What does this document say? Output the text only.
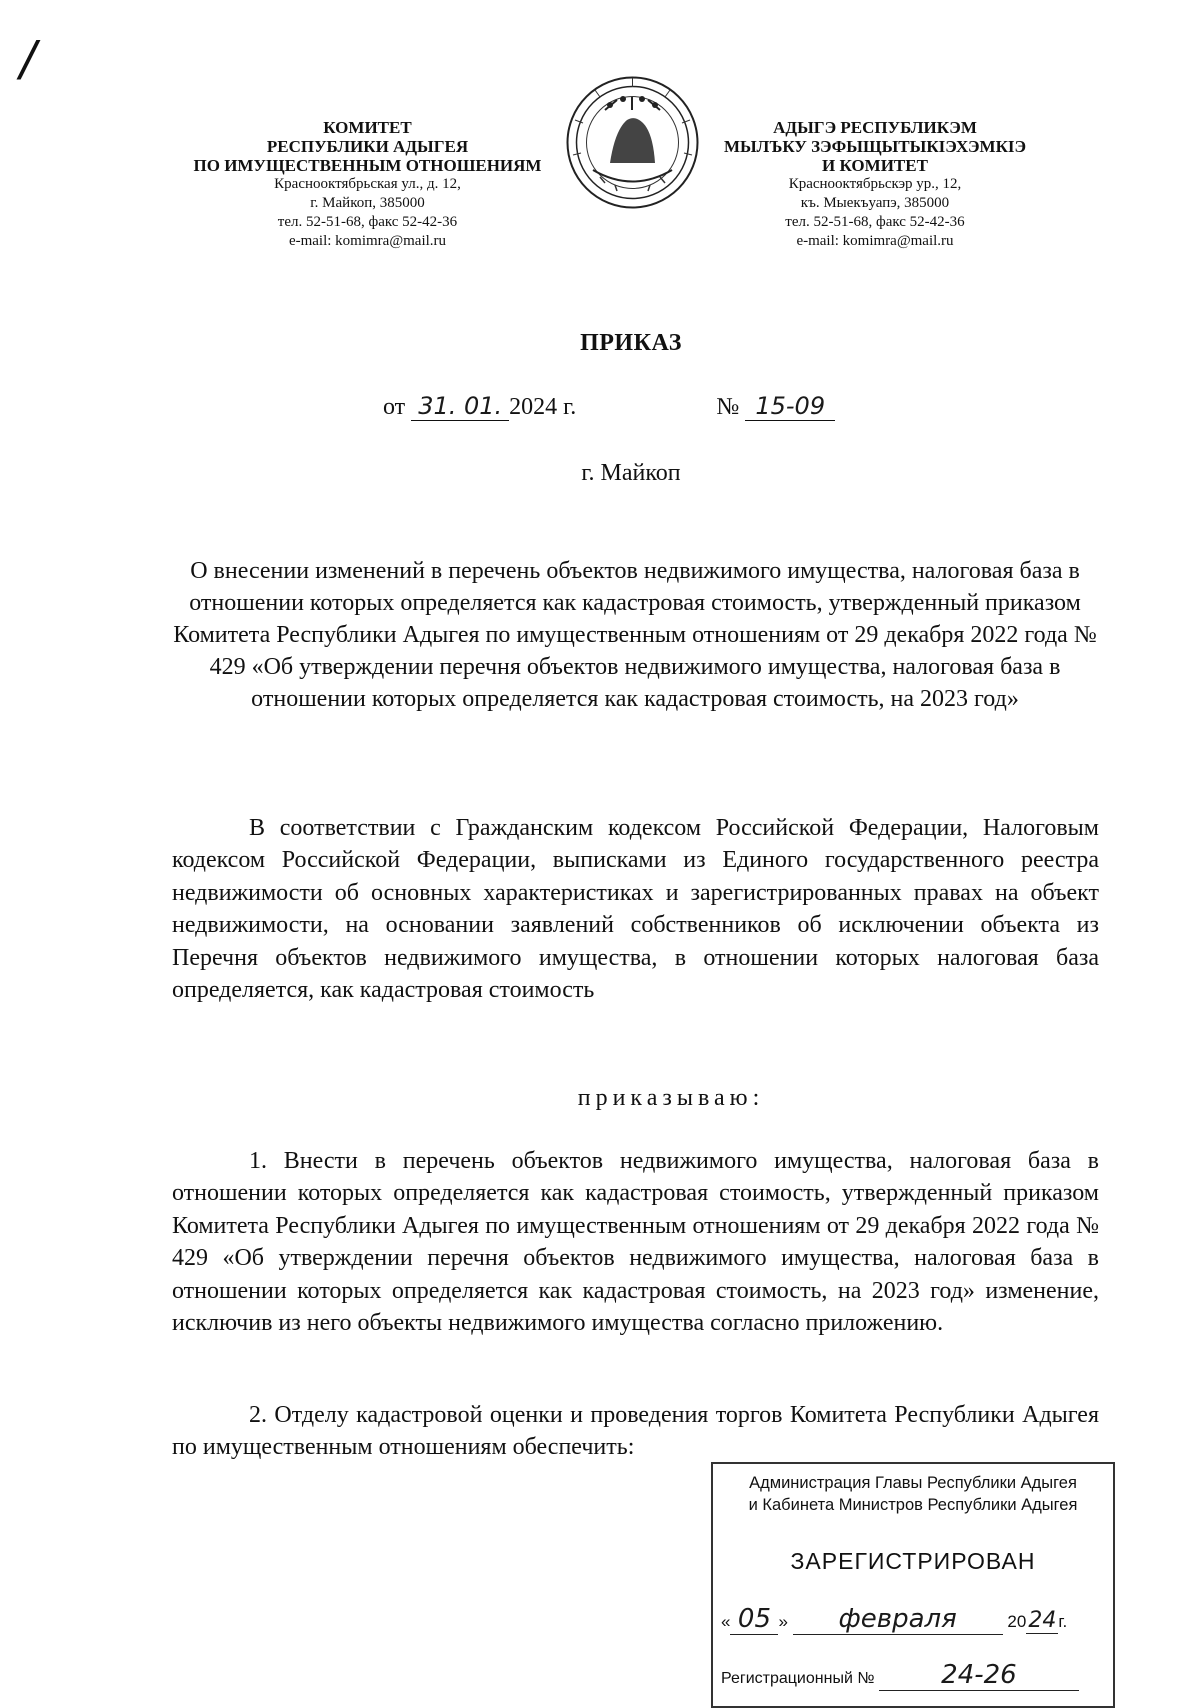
/
КОМИТЕТ
РЕСПУБЛИКИ АДЫГЕЯ
ПО ИМУЩЕСТВЕННЫМ ОТНОШЕНИЯМ
Краснооктябрьская ул., д. 12,
г. Майкоп, 385000
тел. 52-51-68, факс 52-42-36
e-mail: komimra@mail.ru
АДЫГЭ РЕСПУБЛИКЭМ
МЫЛЪКУ ЗЭФЫЩЫТЫКIЭХЭМКIЭ
И КОМИТЕТ
Краснооктябрьскэр ур., 12,
къ. Мыекъуапэ, 385000
тел. 52-51-68, факс 52-42-36
e-mail: komimra@mail.ru
ПРИКАЗ
от 31. 01. 2024 г.	№ 15-09
г. Майкоп
О внесении изменений в перечень объектов недвижимого имущества, налоговая база в отношении которых определяется как кадастровая стоимость, утвержденный приказом Комитета Республики Адыгея по имущественным отношениям от 29 декабря 2022 года № 429 «Об утверждении перечня объектов недвижимого имущества, налоговая база в отношении которых определяется как кадастровая стоимость, на 2023 год»
В соответствии с Гражданским кодексом Российской Федерации, Налоговым кодексом Российской Федерации, выписками из Единого государственного реестра недвижимости об основных характеристиках и зарегистрированных правах на объект недвижимости, на основании заявлений собственников об исключении объекта из Перечня объектов недвижимого имущества, в отношении которых налоговая база определяется, как кадастровая стоимость
приказываю:
1. Внести в перечень объектов недвижимого имущества, налоговая база в отношении которых определяется как кадастровая стоимость, утвержденный приказом Комитета Республики Адыгея по имущественным отношениям от 29 декабря 2022 года № 429 «Об утверждении перечня объектов недвижимого имущества, налоговая база в отношении которых определяется как кадастровая стоимость, на 2023 год» изменение, исключив из него объекты недвижимого имущества согласно приложению.
2. Отделу кадастровой оценки и проведения торгов Комитета Республики Адыгея по имущественным отношениям обеспечить:
Администрация Главы Республики Адыгея
и Кабинета Министров Республики Адыгея
ЗАРЕГИСТРИРОВАН
« 05 » февраля	2024 г.
Регистрационный №	24-26
